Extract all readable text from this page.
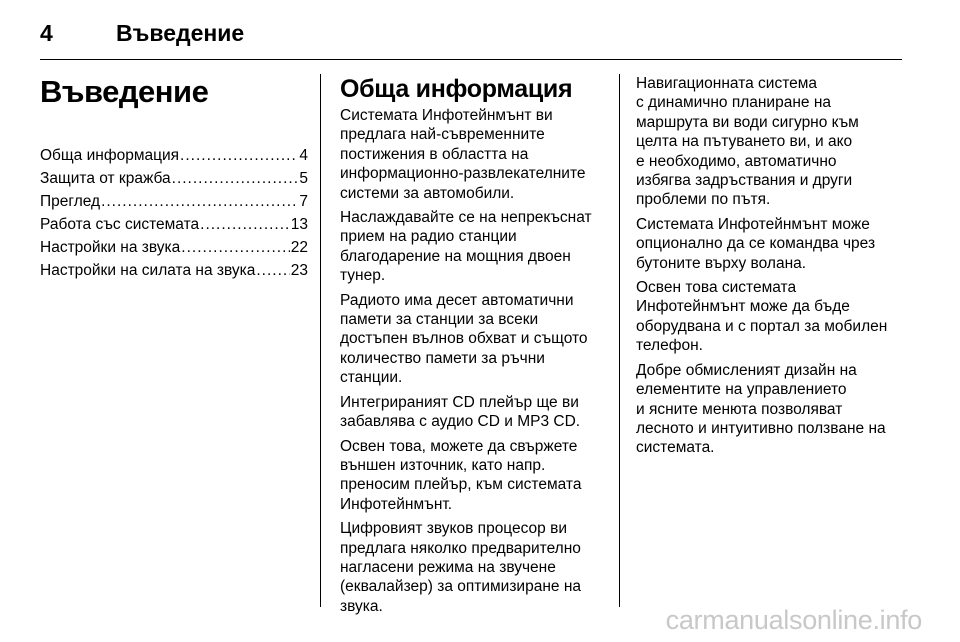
4	Въведение
Въведение
Обща информация .....	4
Защита от кражба .....	5
Преглед .....	7
Работа със системата .....	13
Настройки на звука .....	22
Настройки на силата на звука ..... 23
Обща информация

Системата Инфотейнмънт ви
предлага най-съвременните
постижения в областта на
информационно-развлекателните
системи за автомобили.

Наслаждавайте се на непрекъснат
прием на радио станции
благодарение на мощния двоен
тунер.

Радиото има десет автоматични
памети за станции за всеки
достъпен вълнов обхват и същото
количество памети за ръчни
станции.

Интегрираният CD плейър ще ви
забавлява с аудио CD и MP3 CD.

Освен това, можете да свържете
външен източник, като напр.
преносим плейър, към системата
Инфотейнмънт.

Цифровият звуков процесор ви
предлага няколко предварително
нагласени режима на звучене
(еквалайзер) за оптимизиране на
звука.

Навигационната система
с динамично планиране на
маршрута ви води сигурно към
целта на пътуването ви, и ако
е необходимо, автоматично
избягва задръствания и други
проблеми по пътя.

Системата Инфотейнмънт може
опционално да се командва чрез
бутоните върху волана.

Освен това системата
Инфотейнмънт може да бъде
оборудвана и с портал за мобилен
телефон.

Добре обмисленият дизайн на
елементите на управлението
и ясните менюта позволяват
лесното и интуитивно ползване на
системата.

carmanualsonline.info
